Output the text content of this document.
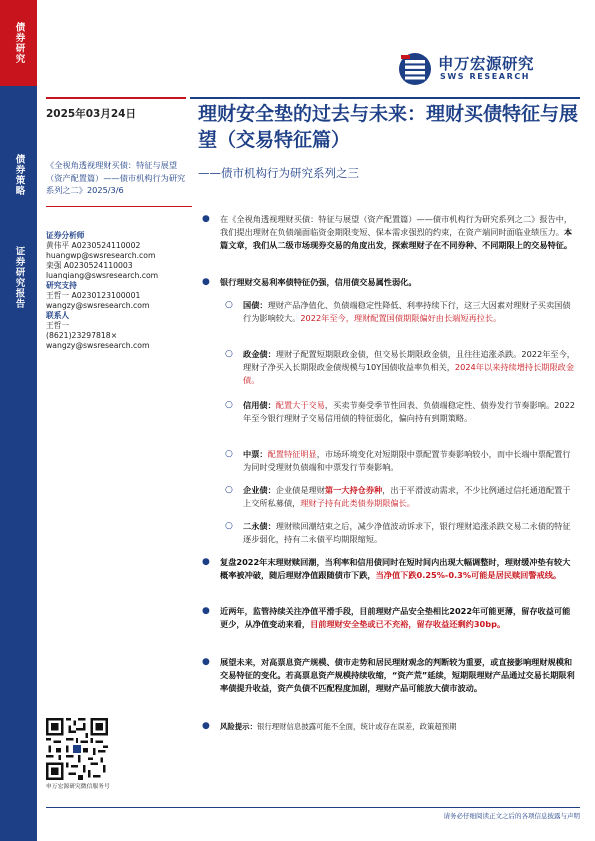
债券研究
债券策略
证券研究报告
申万宏源研究
SWS RESEARCH
2025年03月24日	理财安全垫的过去与未来：理财买债特征与展望（交易特征篇）
——债市机构行为研究系列之三
《全视角透视理财买债：特征与展望（资产配置篇）——债市机构行为研究系列之二》2025/3/6
证券分析师
黄伟平 A0230524110002
huangwp@swsresearch.com
栾强 A0230524110003
luanqiang@swsresearch.com
研究支持
王哲一 A0230123100001
wangzy@swsresearch.com
联系人
王哲一
(8621)23297818×
wangzy@swsresearch.com
申万宏源研究微信服务号
● 在《全视角透视理财买债：特征与展望（资产配置篇）——债市机构行为研究系列之二》报告中，我们提出理财在负债端面临资金期限变短、保本需求强烈的约束，在资产端同时面临业绩压力。本篇文章，我们从二级市场现券交易的角度出发，探索理财子在不同券种、不同期限上的交易特征。
● 银行理财交易利率债特征仍强，信用债交易属性弱化。
○ 国债：理财产品净值化、负债端稳定性降低、利率持续下行，这三大因素对理财子买卖国债行为影响较大。2022年至今，理财配置国债期限偏好由长端短再拉长。
○ 政金债：理财子配置短期限政金债，但交易长期限政金债，且往往追涨杀跌。2022年至今，理财子净买入长期限政金债规模与10Y国债收益率负相关，2024年以来持续增持长期限政金债。
○ 信用债：配置大于交易，买卖节奏受季节性回表、负债端稳定性、债券发行节奏影响。2022年至今银行理财子交易信用债的特征弱化，偏向持有到期策略。
○ 中票：配置特征明显，市场环境变化对短期限中票配置节奏影响较小，而中长端中票配置行为同时受理财负债端和中票发行节奏影响。
○ 企业债：企业债是理财第一大持仓券种，出于平滑波动需求，不少比例通过信托通道配置于上交所私募债，理财子持有此类债券期限偏长。
○ 二永债：理财赎回潮结束之后，减少净值波动诉求下，银行理财追涨杀跌交易二永债的特征逐步弱化，持有二永债平均期限缩短。
● 复盘2022年末理财赎回潮，当利率和信用债同时在短时间内出现大幅调整时，理财缓冲垫有较大概率被冲破，随后理财净值跟随债市下跌，当净值下跌0.25%-0.3%可能是居民赎回警戒线。
● 近两年，监管持续关注净值平滑手段，目前理财产品安全垫相比2022年可能更薄，留存收益可能更少，从净值变动来看，目前理财安全垫或已不充裕，留存收益还剩约30bp。
● 展望未来，对高票息资产规模、债市走势和居民理财观念的判断较为重要，或直接影响理财规模和交易特征的变化。若高票息资产规模持续收缩，“资产荒”延续，短期限理财产品通过交易长期限利率债提升收益，资产负债不匹配程度加剧，理财产品可能放大债市波动。
● 风险提示：银行理财信息披露可能不全面，统计或存在误差，政策超预期
请务必仔细阅读正文之后的各项信息披露与声明
